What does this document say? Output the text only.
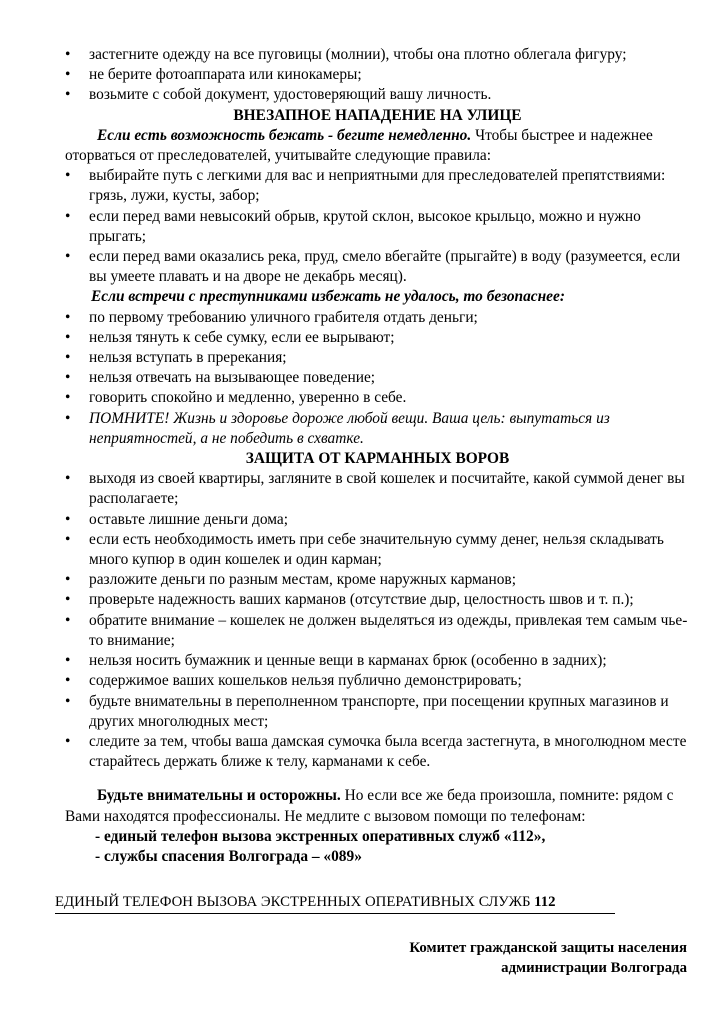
•	застегните одежду на все пуговицы (молнии), чтобы она плотно облегала фигуру;
•	не берите фотоаппарата или кинокамеры;
•	возьмите с собой документ, удостоверяющий вашу личность.
ВНЕЗАПНОЕ НАПАДЕНИЕ НА УЛИЦЕ

Если есть возможность бежать - бегите немедленно. Чтобы быстрее и надежнее оторваться от преследователей, учитывайте следующие правила:

•	выбирайте путь с легкими для вас и неприятными для преследователей препятствиями: грязь, лужи, кусты, забор;
•	если перед вами невысокий обрыв, крутой склон, высокое крыльцо, можно и нужно прыгать;
•	если перед вами оказались река, пруд, смело вбегайте (прыгайте) в воду (разумеется, если вы умеете плавать и на дворе не декабрь месяц).

Если встречи с преступниками избежать не удалось, то безопаснее:

•	по первому требованию уличного грабителя отдать деньги;
•	нельзя тянуть к себе сумку, если ее вырывают;
•	нельзя вступать в пререкания;
•	нельзя отвечать на вызывающее поведение;
•	говорить спокойно и медленно, уверенно в себе.
•	ПОМНИТЕ! Жизнь и здоровье дороже любой вещи. Ваша цель: выпутаться из неприятностей, а не победить в схватке.
ЗАЩИТА ОТ КАРМАННЫХ ВОРОВ
•	выходя из своей квартиры, загляните в свой кошелек и посчитайте, какой суммой денег вы располагаете;
•	оставьте лишние деньги дома;
•	если есть необходимость иметь при себе значительную сумму денег, нельзя складывать много купюр в один кошелек и один карман;
•	разложите деньги по разным местам, кроме наружных карманов;
•	проверьте надежность ваших карманов (отсутствие дыр, целостность швов и т. п.);
•	обратите внимание – кошелек не должен выделяться из одежды, привлекая тем самым чье-то внимание;
•	нельзя носить бумажник и ценные вещи в карманах брюк (особенно в задних);
•	содержимое ваших кошельков нельзя публично демонстрировать;
•	будьте внимательны в переполненном транспорте, при посещении крупных магазинов и других многолюдных мест;
•	следите за тем, чтобы ваша дамская сумочка была всегда застегнута, в многолюдном месте старайтесь держать ближе к телу, карманами к себе.

Будьте внимательны и осторожны. Но если все же беда произошла, помните: рядом с Вами находятся профессионалы. Не медлите с вызовом помощи по телефонам:

- единый телефон вызова экстренных оперативных служб «112»,

- службы спасения Волгограда – «089»

ЕДИНЫЙ ТЕЛЕФОН ВЫЗОВА ЭКСТРЕННЫХ ОПЕРАТИВНЫХ СЛУЖБ 112
Комитет гражданской защиты населения
администрации Волгограда
